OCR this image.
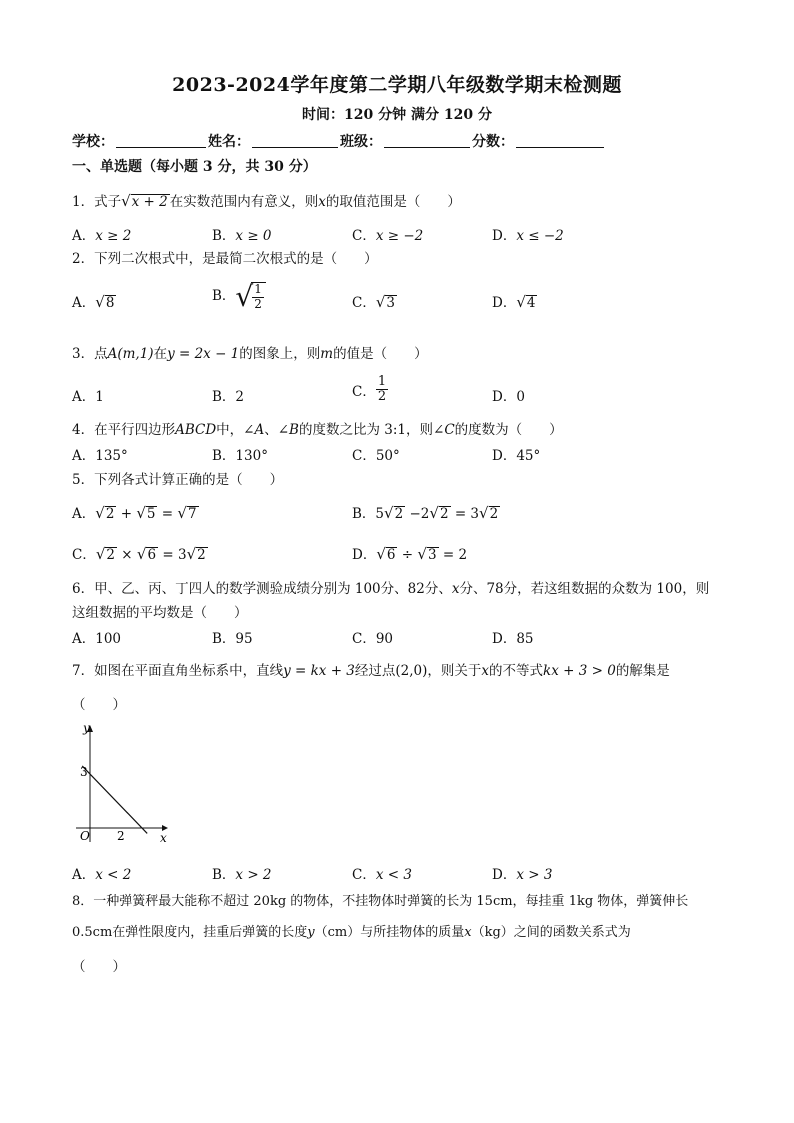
2023-2024学年度第二学期八年级数学期末检测题
时间：120 分钟 满分 120 分
学校：	姓名：	班级：	分数：
一、单选题（每小题 3 分，共 30 分）
1．式子√x + 2 在实数范围内有意义，则x的取值范围是（　　）
A．x ≥ 2	B．x ≥ 0	C．x ≥ −2	D．x ≤ −2
2．下列二次根式中，是最简二次根式的是（　　）
A．√8	B．√
$\frac{1}{2}$	C．√3	D．√4
3．点A(m,1)在y = 2x − 1的图象上，则m的值是（　　）
A．1	B．2	C． $\frac{1}{2}$	D．0
4．在平行四边形ABCD中，∠A、∠B的度数之比为 3:1，则∠C的度数为（　　）
A．135°	B．130°	C．50°	D．45°
5．下列各式计算正确的是（　　）
A．√2 + √5 = √7	B．5√2 −2√2 = 3√2
C．√2 × √6 = 3√2	D．√6 ÷ √3 = 2
6．甲、乙、丙、丁四人的数学测验成绩分别为 100分、82分、x分、78分，若这组数据的众数为 100，则
这组数据的平均数是（　　）
A．100	B．95	C．90	D．85
7．如图在平面直角坐标系中，直线y = kx + 3经过点(2,0)，则关于x的不等式kx + 3 > 0的解集是
（　　）
y
x
O
3
2
A．x < 2	B．x > 2	C．x < 3	D．x > 3
8．一种弹簧秤最大能称不超过 20kg 的物体，不挂物体时弹簧的长为 15cm，每挂重 1kg 物体，弹簧伸长
0.5cm在弹性限度内，挂重后弹簧的长度y（cm）与所挂物体的质量x（kg）之间的函数关系式为
（　　）
